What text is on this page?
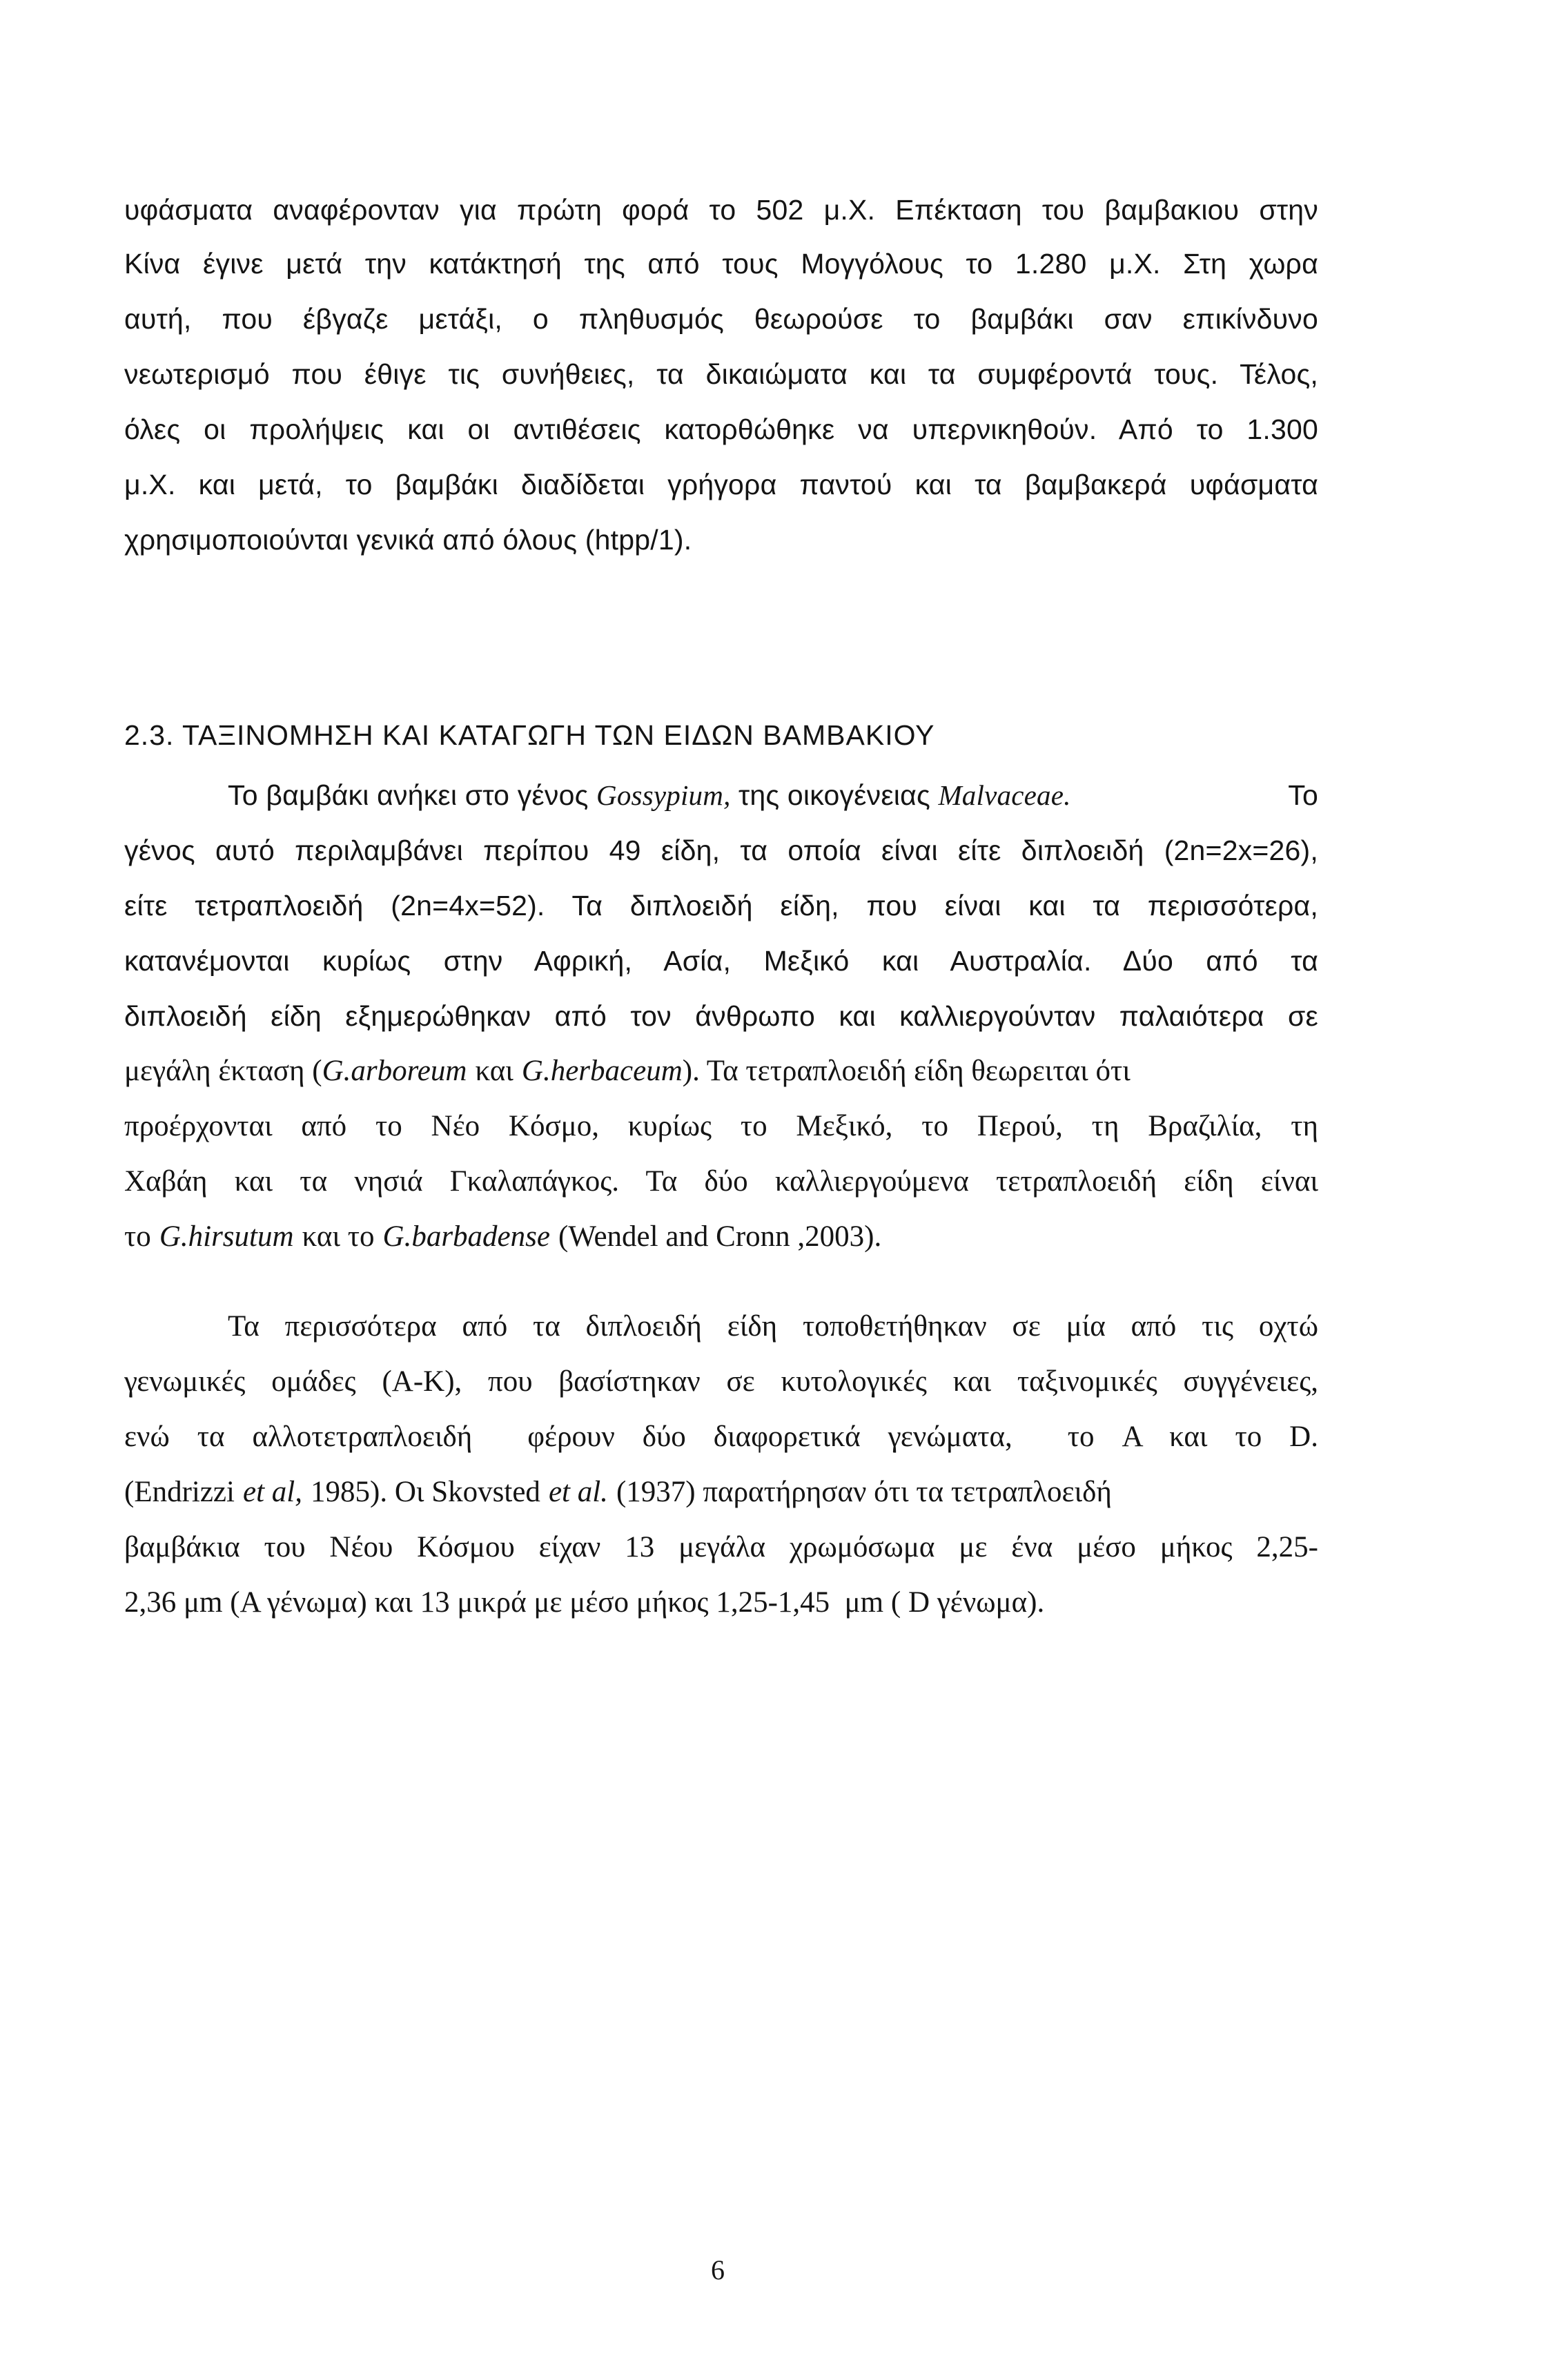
υφάσματα αναφέρονταν για πρώτη φορά το 502 μ.Χ. Επέκταση του βαμβακιου στην
Κίνα έγινε μετά την κατάκτησή της από τους Μογγόλους το 1.280 μ.Χ. Στη χωρα
αυτή, που έβγαζε μετάξι, ο πληθυσμός θεωρούσε το βαμβάκι σαν επικίνδυνο
νεωτερισμό που έθιγε τις συνήθειες, τα δικαιώματα και τα συμφέροντά τους. Τέλος,
όλες οι προλήψεις και οι αντιθέσεις κατορθώθηκε να υπερνικηθούν. Από το 1.300
μ.Χ. και μετά, το βαμβάκι διαδίδεται γρήγορα παντού και τα βαμβακερά υφάσματα
χρησιμοποιούνται γενικά από όλους (htpp/1).
2.3. ΤΑΞΙΝΟΜΗΣΗ ΚΑΙ ΚΑΤΑΓΩΓΗ ΤΩΝ ΕΙΔΩΝ ΒΑΜΒΑΚΙΟΥ
Το βαμβάκι ανήκει στο γένος Gossypium, της οικογένειας Malvaceae.	Το
γένος αυτό περιλαμβάνει περίπου 49 είδη, τα οποία είναι είτε διπλοειδή (2n=2x=26),
είτε τετραπλοειδή (2n=4x=52). Τα διπλοειδή είδη, που είναι και τα περισσότερα,
κατανέμονται κυρίως στην Αφρική, Ασία, Μεξικό και Αυστραλία. Δύο από τα
διπλοειδή είδη εξημερώθηκαν από τον άνθρωπο και καλλιεργούνταν παλαιότερα σε
μεγάλη έκταση ( G.arboreum και G.herbaceum ). Τα τετραπλοειδή είδη θεωρειται ότι
προέρχονται από το Νέο Κόσμο, κυρίως το Μεξικό, το Περού, τη Βραζιλία, τη
Χαβάη και τα νησιά Γκαλαπάγκος. Τα δύο καλλιεργούμενα τετραπλοειδή είδη είναι
το G.hirsutum και το G.barbadense (Wendel and Cronn ,2003).
Τα περισσότερα από τα διπλοειδή είδη τοποθετήθηκαν σε μία από τις οχτώ
γενωμικές ομάδες (A-K), που βασίστηκαν σε κυτολογικές και ταξινομικές συγγένειες,
ενώ τα αλλοτετραπλοειδή  φέρουν δύο διαφορετικά γενώματα,  το A και το D.
(Endrizzi et al, 1985). Οι Skovsted et al. (1937) παρατήρησαν ότι τα τετραπλοειδή
βαμβάκια του Νέου Κόσμου είχαν 13 μεγάλα χρωμόσωμα με ένα μέσο μήκος 2,25-
2,36 μm (A γένωμα) και 13 μικρά με μέσο μήκος 1,25-1,45  μm ( D γένωμα).
6
